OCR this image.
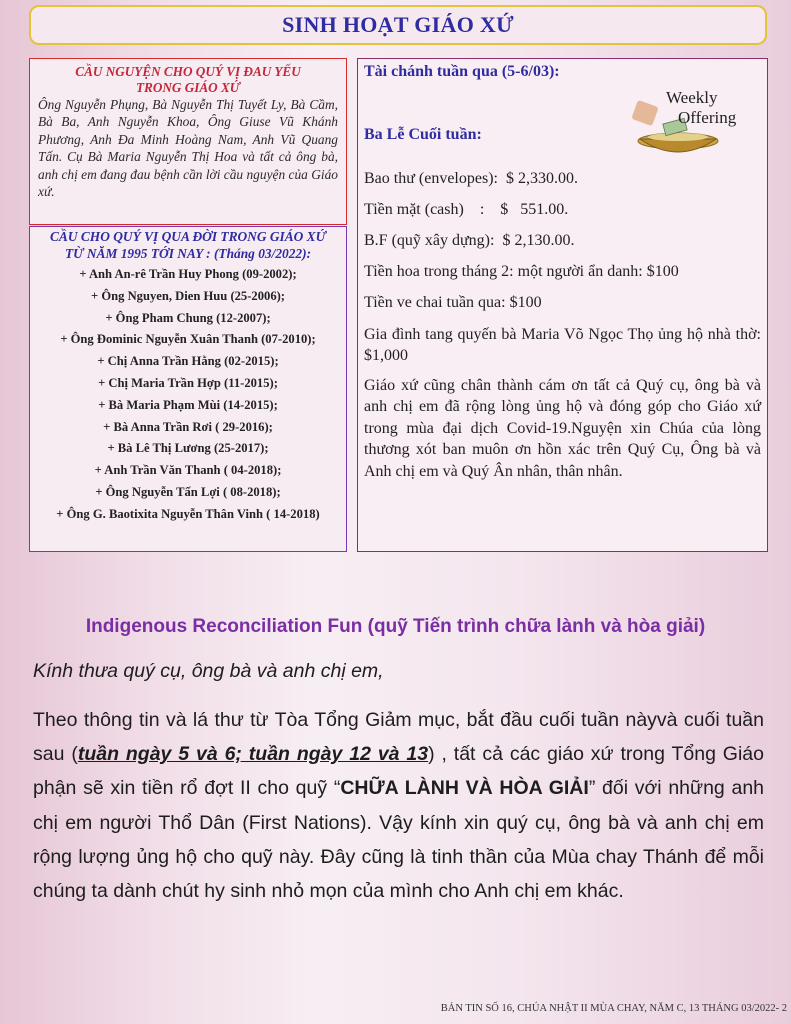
SINH HOẠT GIÁO XỨ
CẦU NGUYỆN CHO QUÝ VỊ ĐAU YẾU
TRONG GIÁO XỨ
Ông Nguyễn Phụng, Bà Nguyễn Thị Tuyết Ly, Bà Cầm, Bà Ba, Anh Nguyễn Khoa, Ông Giuse Vũ Khánh Phương, Anh Đa Minh Hoàng Nam, Anh Vũ Quang Tấn. Cụ Bà Maria Nguyễn Thị Hoa và tất cả ông bà, anh chị em đang đau bệnh cần lời cầu nguyện của Giáo xứ.
CẦU CHO QUÝ VỊ QUA ĐỜI TRONG GIÁO XỨ
TỪ NĂM 1995 TỚI NAY : (Tháng 03/2022):
+ Anh An-rê Trần Huy Phong (09-2002);
+ Ông Nguyen, Dien Huu (25-2006);
+ Ông Pham Chung (12-2007);
+ Ông Đominic Nguyễn Xuân Thanh (07-2010);
+ Chị Anna Trần Hằng (02-2015);
+ Chị Maria Trần Hợp (11-2015);
+ Bà Maria Phạm Mùi (14-2015);
+ Bà Anna Trần Rơi ( 29-2016);
+ Bà Lê Thị Lương (25-2017);
+ Anh Trần Văn Thanh ( 04-2018);
+ Ông Nguyễn Tấn Lợi ( 08-2018);
+ Ông G. Baotixita Nguyễn Thân Vinh ( 14-2018)
Tài chánh tuần qua (5-6/03):
Ba Lễ Cuối tuần:
Weekly
Offering
Bao thư (envelopes):  $ 2,330.00.
Tiền mặt (cash)    :    $   551.00.
B.F (quỹ xây dựng):  $ 2,130.00.
Tiền hoa trong tháng 2: một người ẩn danh: $100
Tiền ve chai tuần qua: $100
Gia đình tang quyến bà Maria Võ Ngọc Thọ ủng hộ nhà thờ: $1,000
Giáo xứ cũng chân thành cám ơn tất cả Quý cụ, ông bà và anh chị em đã rộng lòng ủng hộ và đóng góp cho Giáo xứ trong mùa đại dịch Covid-19.Nguyện xin Chúa của lòng thương xót ban muôn ơn hồn xác trên Quý Cụ, Ông bà và Anh chị em và Quý Ân nhân, thân nhân.
Indigenous Reconciliation Fun (quỹ Tiến trình chữa lành và hòa giải)
Kính thưa quý cụ, ông bà và anh chị em,
Theo thông tin và lá thư từ Tòa Tổng Giảm mục, bắt đầu cuối tuần nàyvà cuối tuần sau (tuần ngày 5 và 6; tuần ngày 12 và 13) , tất cả các giáo xứ trong Tổng Giáo phận sẽ xin tiền rổ đợt II cho quỹ “CHỮA LÀNH VÀ HÒA GIẢI” đối với những anh chị em người Thổ Dân (First Nations). Vậy kính xin quý cụ, ông bà và anh chị em rộng lượng ủng hộ cho quỹ này. Đây cũng là tinh thần của Mùa chay Thánh để mỗi chúng ta dành chút hy sinh nhỏ mọn của mình cho Anh chị em khác.
BẢN TIN SỐ 16, CHÚA NHẬT II MÙA CHAY, NĂM C, 13 THÁNG 03/2022- 2
